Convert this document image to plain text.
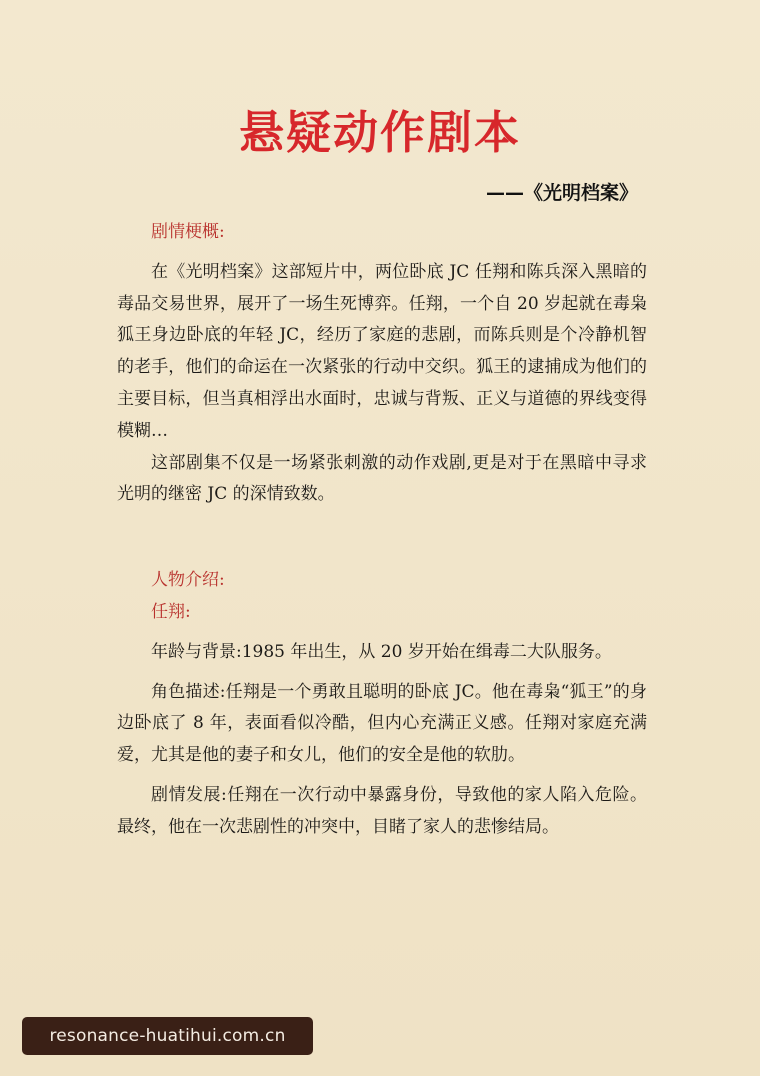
悬疑动作剧本
——《光明档案》

剧情梗概:

在《光明档案》这部短片中，两位卧底 JC 任翔和陈兵深入黑暗的毒品交易世界，展开了一场生死博弈。任翔，一个自 20 岁起就在毒枭狐王身边卧底的年轻 JC，经历了家庭的悲剧，而陈兵则是个冷静机智的老手，他们的命运在一次紧张的行动中交织。狐王的逮捕成为他们的主要目标，但当真相浮出水面时，忠诚与背叛、正义与道德的界线变得模糊…

这部剧集不仅是一场紧张刺激的动作戏剧,更是对于在黑暗中寻求光明的继密 JC 的深情致数。

人物介绍:

任翔:

年龄与背景:1985 年出生，从 20 岁开始在缉毒二大队服务。

角色描述:任翔是一个勇敢且聪明的卧底 JC。他在毒枭“狐王”的身边卧底了 8 年，表面看似冷酷，但内心充满正义感。任翔对家庭充满爱，尤其是他的妻子和女儿，他们的安全是他的软肋。

剧情发展:任翔在一次行动中暴露身份，导致他的家人陷入危险。最终，他在一次悲剧性的冲突中，目睹了家人的悲惨结局。

resonance-huatihui.com.cn
